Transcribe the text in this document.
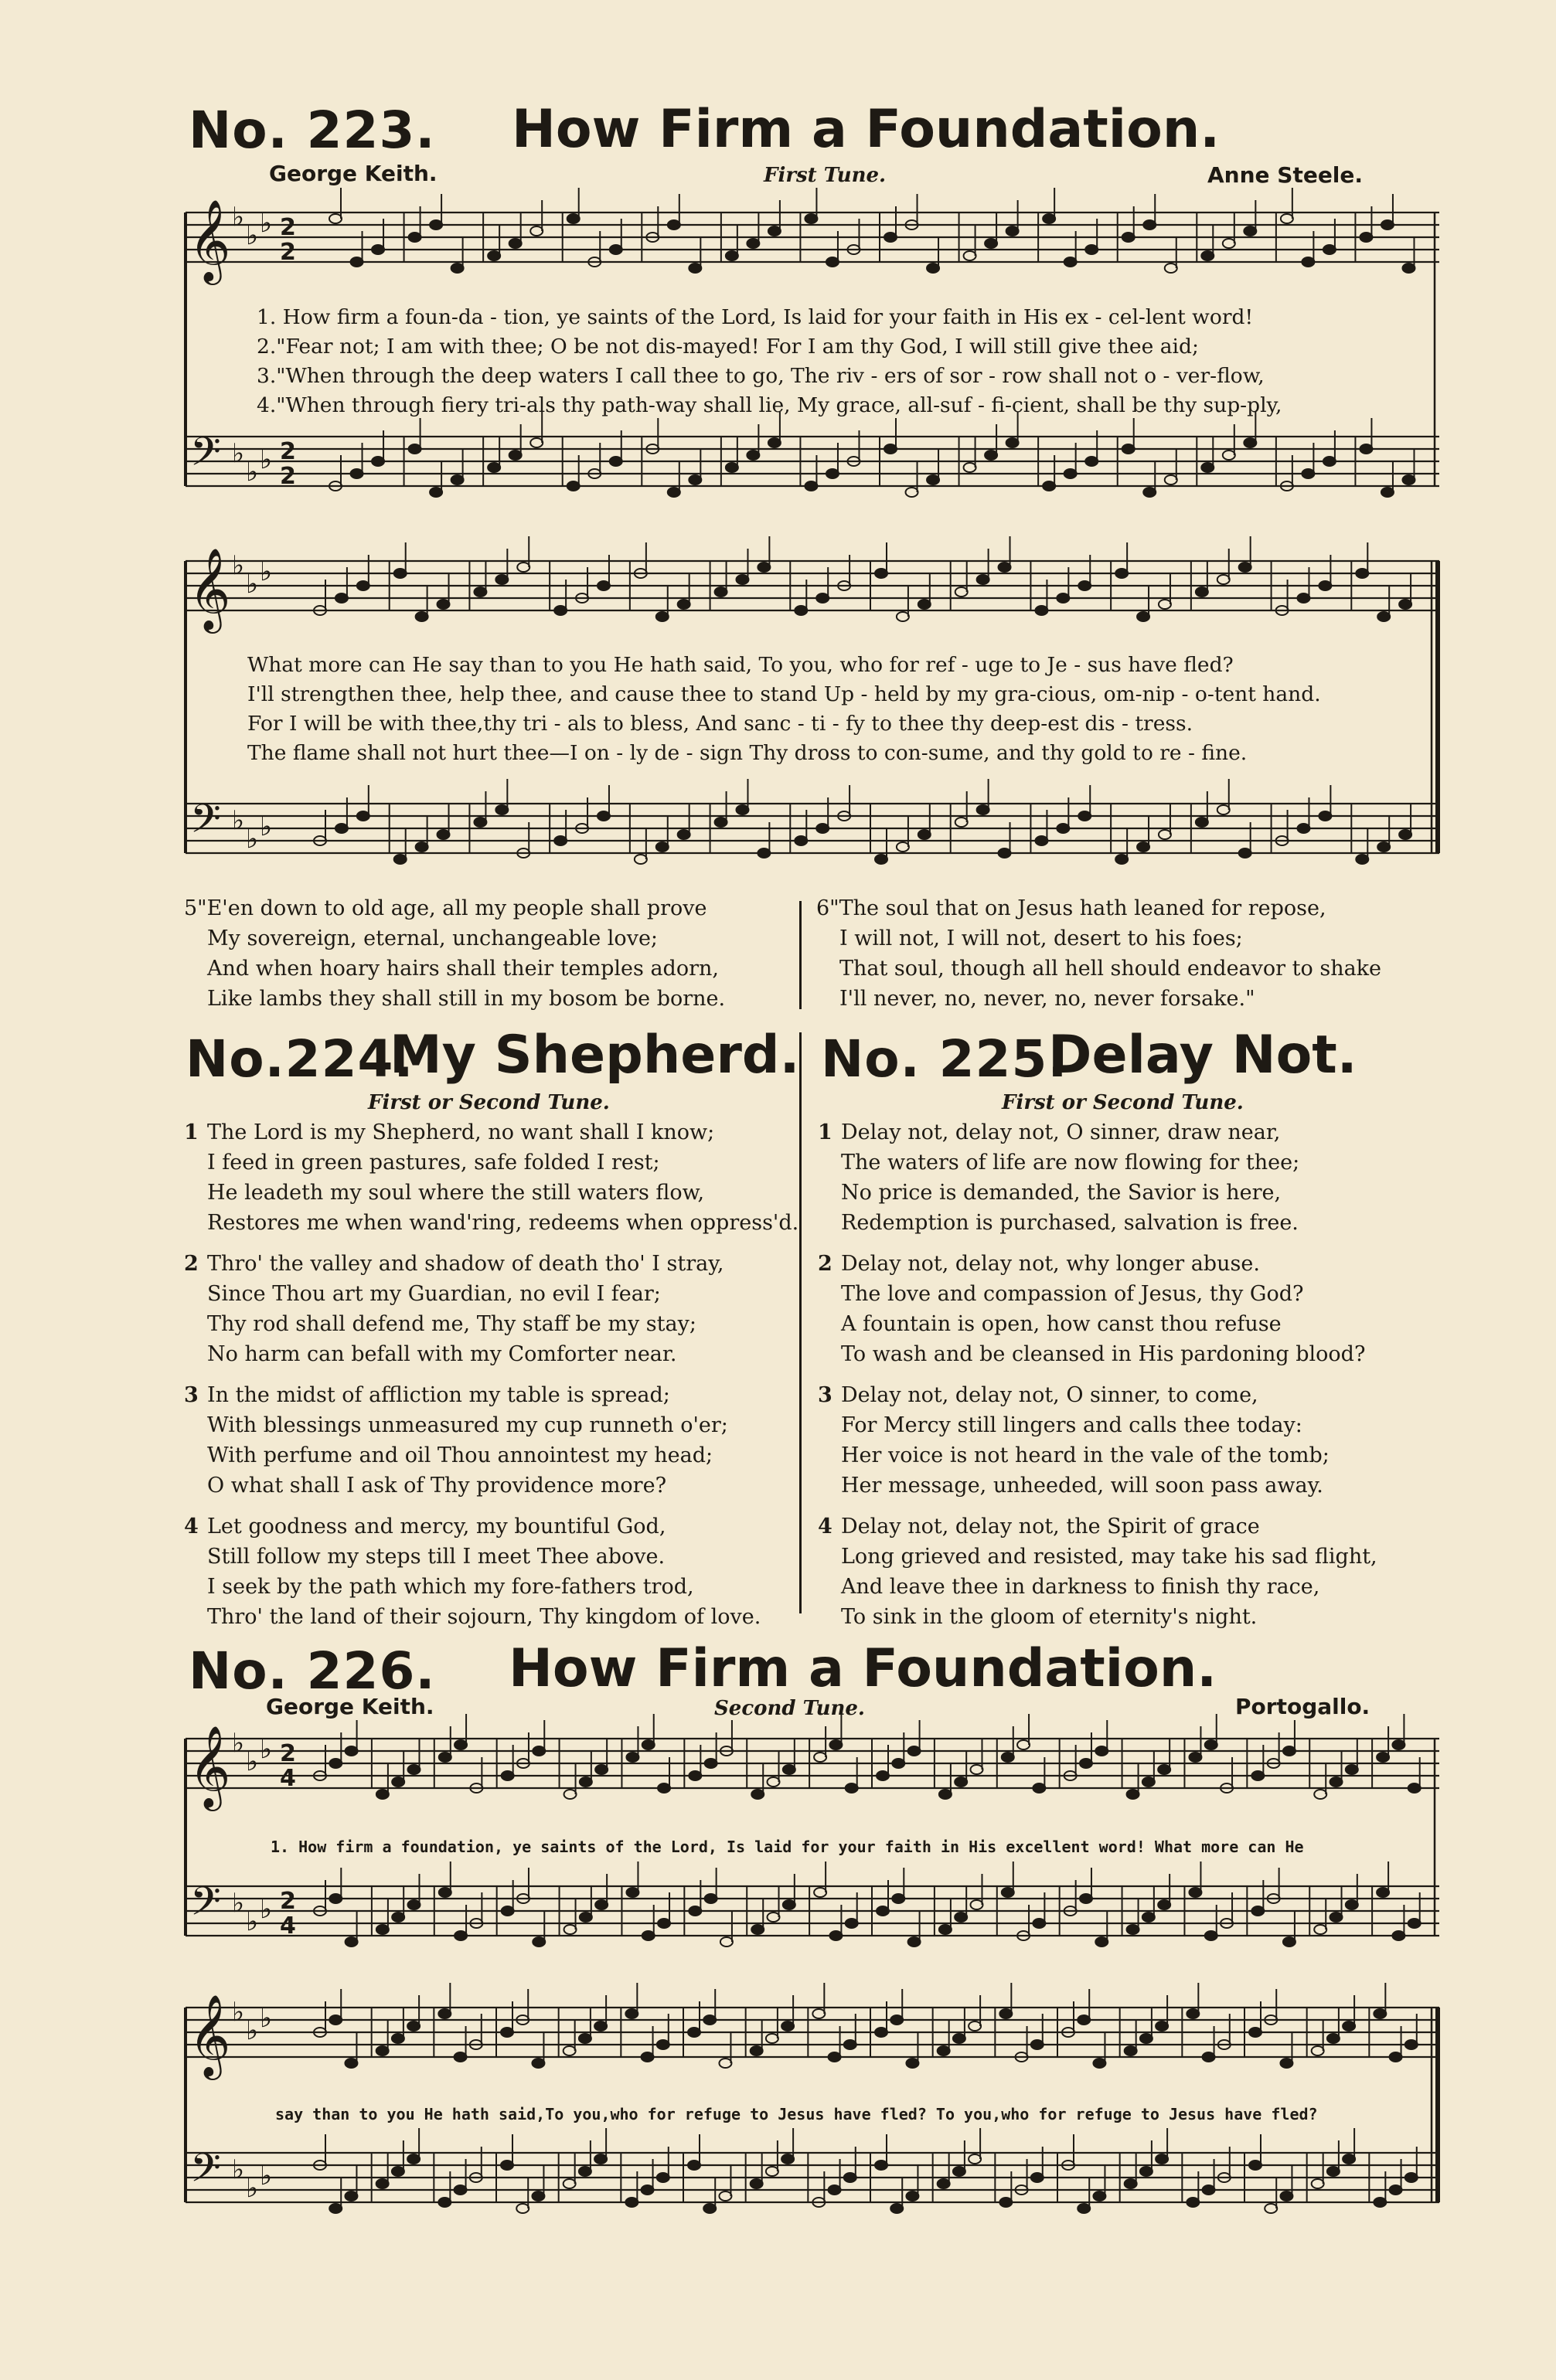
No. 223. How Firm a Foundation.
George Keith.	First Tune.	Anne Steele.
𝄞
𝄢
𝄞
𝄢
𝄞
𝄢
𝄞
𝄢
♭
♭ ♭
♭
♭ ♭
♭
♭ ♭
♭
♭ ♭
♭
♭ ♭
♭
♭ ♭
♭
♭ ♭
♭
♭ ♭
2
2
2
2
2
4
2
4
1. How firm a foun-da - tion, ye saints of the Lord, Is laid for your faith in His ex - cel-lent word!
2."Fear not; I am with thee; O be not dis-mayed! For I am thy God, I will still give thee aid;
3."When through the deep waters I call thee to go, The riv - ers of sor - row shall not o - ver-flow,
4."When through fiery tri-als thy path-way shall lie, My grace, all-suf - fi-cient, shall be thy sup-ply,
What more can He say than to you He hath said, To you, who for ref - uge to Je - sus have fled?
I'll strengthen thee, help thee, and cause thee to stand Up - held by my gra-cious, om-nip - o-tent hand.
For I will be with thee,thy tri - als to bless, And sanc - ti - fy to thee thy deep-est dis - tress.
The flame shall not hurt thee—I on - ly de - sign Thy dross to con-sume, and thy gold to re - fine.
5"E'en down to old age, all my people shall prove
My sovereign, eternal, unchangeable love;
And when hoary hairs shall their temples adorn,
Like lambs they shall still in my bosom be borne.
6"The soul that on Jesus hath leaned for repose,
I will not, I will not, desert to his foes;
That soul, though all hell should endeavor to shake
I'll never, no, never, no, never forsake."
No.224.
My Shepherd.
First or Second Tune.
1 The Lord is my Shepherd, no want shall I know;
I feed in green pastures, safe folded I rest;
He leadeth my soul where the still waters flow,
Restores me when wand'ring, redeems when oppress'd.
2 Thro' the valley and shadow of death tho' I stray,
Since Thou art my Guardian, no evil I fear;
Thy rod shall defend me, Thy staff be my stay;
No harm can befall with my Comforter near.
3 In the midst of affliction my table is spread;
With blessings unmeasured my cup runneth o'er;
With perfume and oil Thou annointest my head;
O what shall I ask of Thy providence more?
4 Let goodness and mercy, my bountiful God,
Still follow my steps till I meet Thee above.
I seek by the path which my fore-fathers trod,
Thro' the land of their sojourn, Thy kingdom of love.
No. 225.
Delay Not.
First or Second Tune.
1 Delay not, delay not, O sinner, draw near,
The waters of life are now flowing for thee;
No price is demanded, the Savior is here,
Redemption is purchased, salvation is free.
2 Delay not, delay not, why longer abuse.
The love and compassion of Jesus, thy God?
A fountain is open, how canst thou refuse
To wash and be cleansed in His pardoning blood?
3 Delay not, delay not, O sinner, to come,
For Mercy still lingers and calls thee today:
Her voice is not heard in the vale of the tomb;
Her message, unheeded, will soon pass away.
4 Delay not, delay not, the Spirit of grace
Long grieved and resisted, may take his sad flight,
And leave thee in darkness to finish thy race,
To sink in the gloom of eternity's night.
No. 226. How Firm a Foundation.
George Keith.	Second Tune.	Portogallo.
1. How firm a foundation, ye saints of the Lord, Is laid for your faith in His excellent word! What more can He
say than to you He hath said,To you,who for refuge to Jesus have fled? To you,who for refuge to Jesus have fled?
